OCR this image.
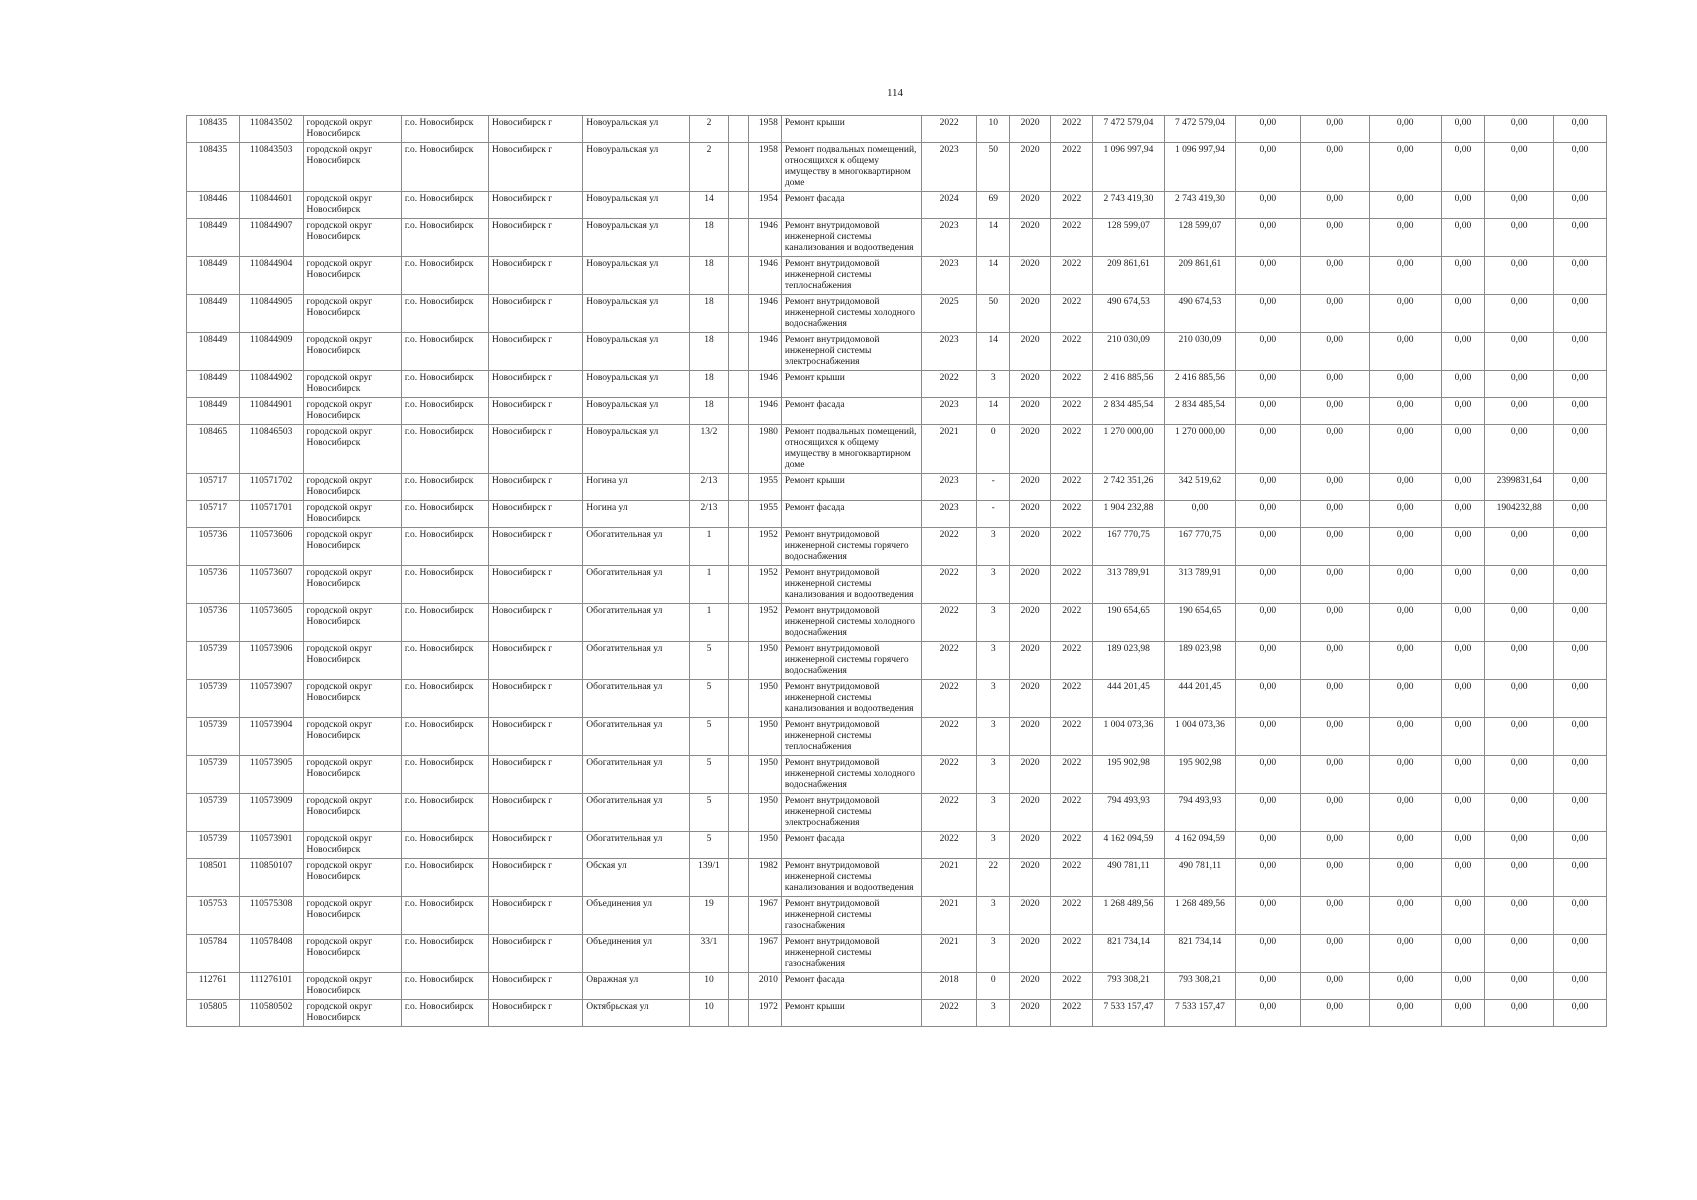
114
108435	110843502	городской округ Новосибирск	г.о. Новосибирск	Новосибирск г	Новоуральская ул	2		1958	Ремонт крыши	2022	10	2020	2022	7 472 579,04	7 472 579,04	0,00	0,00	0,00	0,00	0,00	0,00
108435	110843503	городской округ Новосибирск	г.о. Новосибирск	Новосибирск г	Новоуральская ул	2		1958	Ремонт подвальных помещений, относящихся к общему имуществу в многоквартирном доме	2023	50	2020	2022	1 096 997,94	1 096 997,94	0,00	0,00	0,00	0,00	0,00	0,00
108446	110844601	городской округ Новосибирск	г.о. Новосибирск	Новосибирск г	Новоуральская ул	14		1954	Ремонт фасада	2024	69	2020	2022	2 743 419,30	2 743 419,30	0,00	0,00	0,00	0,00	0,00	0,00
108449	110844907	городской округ Новосибирск	г.о. Новосибирск	Новосибирск г	Новоуральская ул	18		1946	Ремонт внутридомовой инженерной системы канализования и водоотведения	2023	14	2020	2022	128 599,07	128 599,07	0,00	0,00	0,00	0,00	0,00	0,00
108449	110844904	городской округ Новосибирск	г.о. Новосибирск	Новосибирск г	Новоуральская ул	18		1946	Ремонт внутридомовой инженерной системы теплоснабжения	2023	14	2020	2022	209 861,61	209 861,61	0,00	0,00	0,00	0,00	0,00	0,00
108449	110844905	городской округ Новосибирск	г.о. Новосибирск	Новосибирск г	Новоуральская ул	18		1946	Ремонт внутридомовой инженерной системы холодного водоснабжения	2025	50	2020	2022	490 674,53	490 674,53	0,00	0,00	0,00	0,00	0,00	0,00
108449	110844909	городской округ Новосибирск	г.о. Новосибирск	Новосибирск г	Новоуральская ул	18		1946	Ремонт внутридомовой инженерной системы электроснабжения	2023	14	2020	2022	210 030,09	210 030,09	0,00	0,00	0,00	0,00	0,00	0,00
108449	110844902	городской округ Новосибирск	г.о. Новосибирск	Новосибирск г	Новоуральская ул	18		1946	Ремонт крыши	2022	3	2020	2022	2 416 885,56	2 416 885,56	0,00	0,00	0,00	0,00	0,00	0,00
108449	110844901	городской округ Новосибирск	г.о. Новосибирск	Новосибирск г	Новоуральская ул	18		1946	Ремонт фасада	2023	14	2020	2022	2 834 485,54	2 834 485,54	0,00	0,00	0,00	0,00	0,00	0,00
108465	110846503	городской округ Новосибирск	г.о. Новосибирск	Новосибирск г	Новоуральская ул	13/2		1980	Ремонт подвальных помещений, относящихся к общему имуществу в многоквартирном доме	2021	0	2020	2022	1 270 000,00	1 270 000,00	0,00	0,00	0,00	0,00	0,00	0,00
105717	110571702	городской округ Новосибирск	г.о. Новосибирск	Новосибирск г	Ногина ул	2/13		1955	Ремонт крыши	2023	-	2020	2022	2 742 351,26	342 519,62	0,00	0,00	0,00	0,00	2399831,64	0,00
105717	110571701	городской округ Новосибирск	г.о. Новосибирск	Новосибирск г	Ногина ул	2/13		1955	Ремонт фасада	2023	-	2020	2022	1 904 232,88	0,00	0,00	0,00	0,00	0,00	1904232,88	0,00
105736	110573606	городской округ Новосибирск	г.о. Новосибирск	Новосибирск г	Обогатительная ул	1		1952	Ремонт внутридомовой инженерной системы горячего водоснабжения	2022	3	2020	2022	167 770,75	167 770,75	0,00	0,00	0,00	0,00	0,00	0,00
105736	110573607	городской округ Новосибирск	г.о. Новосибирск	Новосибирск г	Обогатительная ул	1		1952	Ремонт внутридомовой инженерной системы канализования и водоотведения	2022	3	2020	2022	313 789,91	313 789,91	0,00	0,00	0,00	0,00	0,00	0,00
105736	110573605	городской округ Новосибирск	г.о. Новосибирск	Новосибирск г	Обогатительная ул	1		1952	Ремонт внутридомовой инженерной системы холодного водоснабжения	2022	3	2020	2022	190 654,65	190 654,65	0,00	0,00	0,00	0,00	0,00	0,00
105739	110573906	городской округ Новосибирск	г.о. Новосибирск	Новосибирск г	Обогатительная ул	5		1950	Ремонт внутридомовой инженерной системы горячего водоснабжения	2022	3	2020	2022	189 023,98	189 023,98	0,00	0,00	0,00	0,00	0,00	0,00
105739	110573907	городской округ Новосибирск	г.о. Новосибирск	Новосибирск г	Обогатительная ул	5		1950	Ремонт внутридомовой инженерной системы канализования и водоотведения	2022	3	2020	2022	444 201,45	444 201,45	0,00	0,00	0,00	0,00	0,00	0,00
105739	110573904	городской округ Новосибирск	г.о. Новосибирск	Новосибирск г	Обогатительная ул	5		1950	Ремонт внутридомовой инженерной системы теплоснабжения	2022	3	2020	2022	1 004 073,36	1 004 073,36	0,00	0,00	0,00	0,00	0,00	0,00
105739	110573905	городской округ Новосибирск	г.о. Новосибирск	Новосибирск г	Обогатительная ул	5		1950	Ремонт внутридомовой инженерной системы холодного водоснабжения	2022	3	2020	2022	195 902,98	195 902,98	0,00	0,00	0,00	0,00	0,00	0,00
105739	110573909	городской округ Новосибирск	г.о. Новосибирск	Новосибирск г	Обогатительная ул	5		1950	Ремонт внутридомовой инженерной системы электроснабжения	2022	3	2020	2022	794 493,93	794 493,93	0,00	0,00	0,00	0,00	0,00	0,00
105739	110573901	городской округ Новосибирск	г.о. Новосибирск	Новосибирск г	Обогатительная ул	5		1950	Ремонт фасада	2022	3	2020	2022	4 162 094,59	4 162 094,59	0,00	0,00	0,00	0,00	0,00	0,00
108501	110850107	городской округ Новосибирск	г.о. Новосибирск	Новосибирск г	Обская ул	139/1		1982	Ремонт внутридомовой инженерной системы канализования и водоотведения	2021	22	2020	2022	490 781,11	490 781,11	0,00	0,00	0,00	0,00	0,00	0,00
105753	110575308	городской округ Новосибирск	г.о. Новосибирск	Новосибирск г	Объединения ул	19		1967	Ремонт внутридомовой инженерной системы газоснабжения	2021	3	2020	2022	1 268 489,56	1 268 489,56	0,00	0,00	0,00	0,00	0,00	0,00
105784	110578408	городской округ Новосибирск	г.о. Новосибирск	Новосибирск г	Объединения ул	33/1		1967	Ремонт внутридомовой инженерной системы газоснабжения	2021	3	2020	2022	821 734,14	821 734,14	0,00	0,00	0,00	0,00	0,00	0,00
112761	111276101	городской округ Новосибирск	г.о. Новосибирск	Новосибирск г	Овражная ул	10		2010	Ремонт фасада	2018	0	2020	2022	793 308,21	793 308,21	0,00	0,00	0,00	0,00	0,00	0,00
105805	110580502	городской округ Новосибирск	г.о. Новосибирск	Новосибирск г	Октябрьская ул	10		1972	Ремонт крыши	2022	3	2020	2022	7 533 157,47	7 533 157,47	0,00	0,00	0,00	0,00	0,00	0,00
